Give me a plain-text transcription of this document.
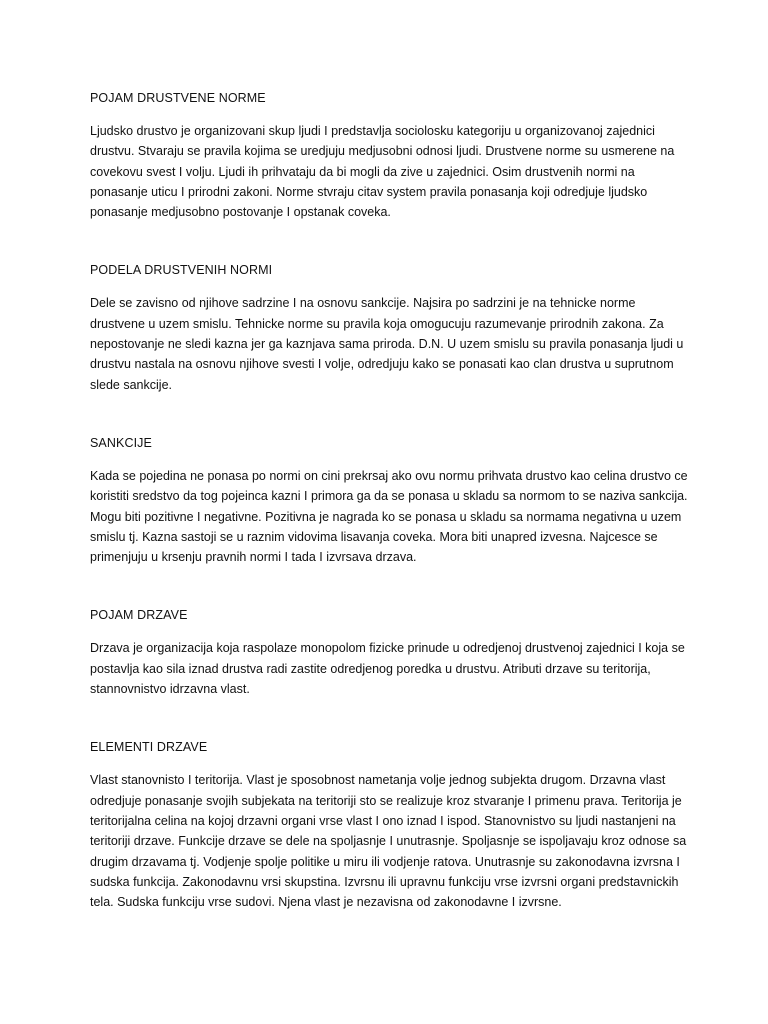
POJAM DRUSTVENE NORME

Ljudsko drustvo je organizovani skup ljudi I predstavlja sociolosku kategoriju u organizovanoj zajednici drustvu. Stvaraju se pravila kojima se uredjuju medjusobni odnosi ljudi. Drustvene norme su usmerene na covekovu svest I volju. Ljudi ih prihvataju da bi mogli da zive u zajednici. Osim drustvenih normi na ponasanje uticu I prirodni zakoni. Norme stvraju citav system pravila ponasanja koji odredjuje ljudsko ponasanje medjusobno postovanje I opstanak coveka.

PODELA DRUSTVENIH NORMI

Dele se zavisno od njihove sadrzine I na osnovu sankcije. Najsira po sadrzini je na tehnicke norme drustvene u uzem smislu. Tehnicke norme su pravila koja omogucuju razumevanje prirodnih zakona. Za nepostovanje ne sledi kazna jer ga kaznjava sama priroda. D.N. U uzem smislu su pravila ponasanja ljudi u drustvu nastala na osnovu njihove svesti I volje, odredjuju kako se ponasati kao clan drustva u suprutnom slede sankcije.

SANKCIJE

Kada se pojedina ne ponasa po normi on cini prekrsaj ako ovu normu prihvata drustvo kao celina drustvo ce koristiti sredstvo da tog pojeinca kazni I primora ga da se ponasa u skladu sa normom to se naziva sankcija. Mogu biti pozitivne I negativne. Pozitivna je nagrada ko se ponasa u skladu sa normama negativna u uzem smislu tj. Kazna sastoji se u raznim vidovima lisavanja coveka. Mora biti unapred izvesna. Najcesce se primenjuju u krsenju pravnih normi I tada I izvrsava drzava.

POJAM DRZAVE

Drzava je organizacija koja raspolaze monopolom fizicke prinude u odredjenoj drustvenoj zajednici I koja se postavlja kao sila iznad drustva radi zastite odredjenog poredka u drustvu. Atributi drzave su teritorija, stannovnistvo idrzavna vlast.

ELEMENTI DRZAVE

Vlast stanovnisto I teritorija. Vlast je sposobnost nametanja volje jednog subjekta drugom. Drzavna vlast odredjuje ponasanje svojih subjekata na teritoriji sto se realizuje kroz stvaranje I primenu prava. Teritorija je teritorijalna celina na kojoj drzavni organi vrse vlast I ono iznad I ispod. Stanovnistvo su ljudi nastanjeni na teritoriji drzave. Funkcije drzave se dele na spoljasnje I unutrasnje. Spoljasnje se ispoljavaju kroz odnose sa drugim drzavama tj. Vodjenje spolje politike u miru ili vodjenje ratova. Unutrasnje su zakonodavna izvrsna I sudska funkcija. Zakonodavnu vrsi skupstina. Izvrsnu ili upravnu funkciju vrse izvrsni organi predstavnickih tela. Sudska funkciju vrse sudovi. Njena vlast je nezavisna od zakonodavne I izvrsne.
